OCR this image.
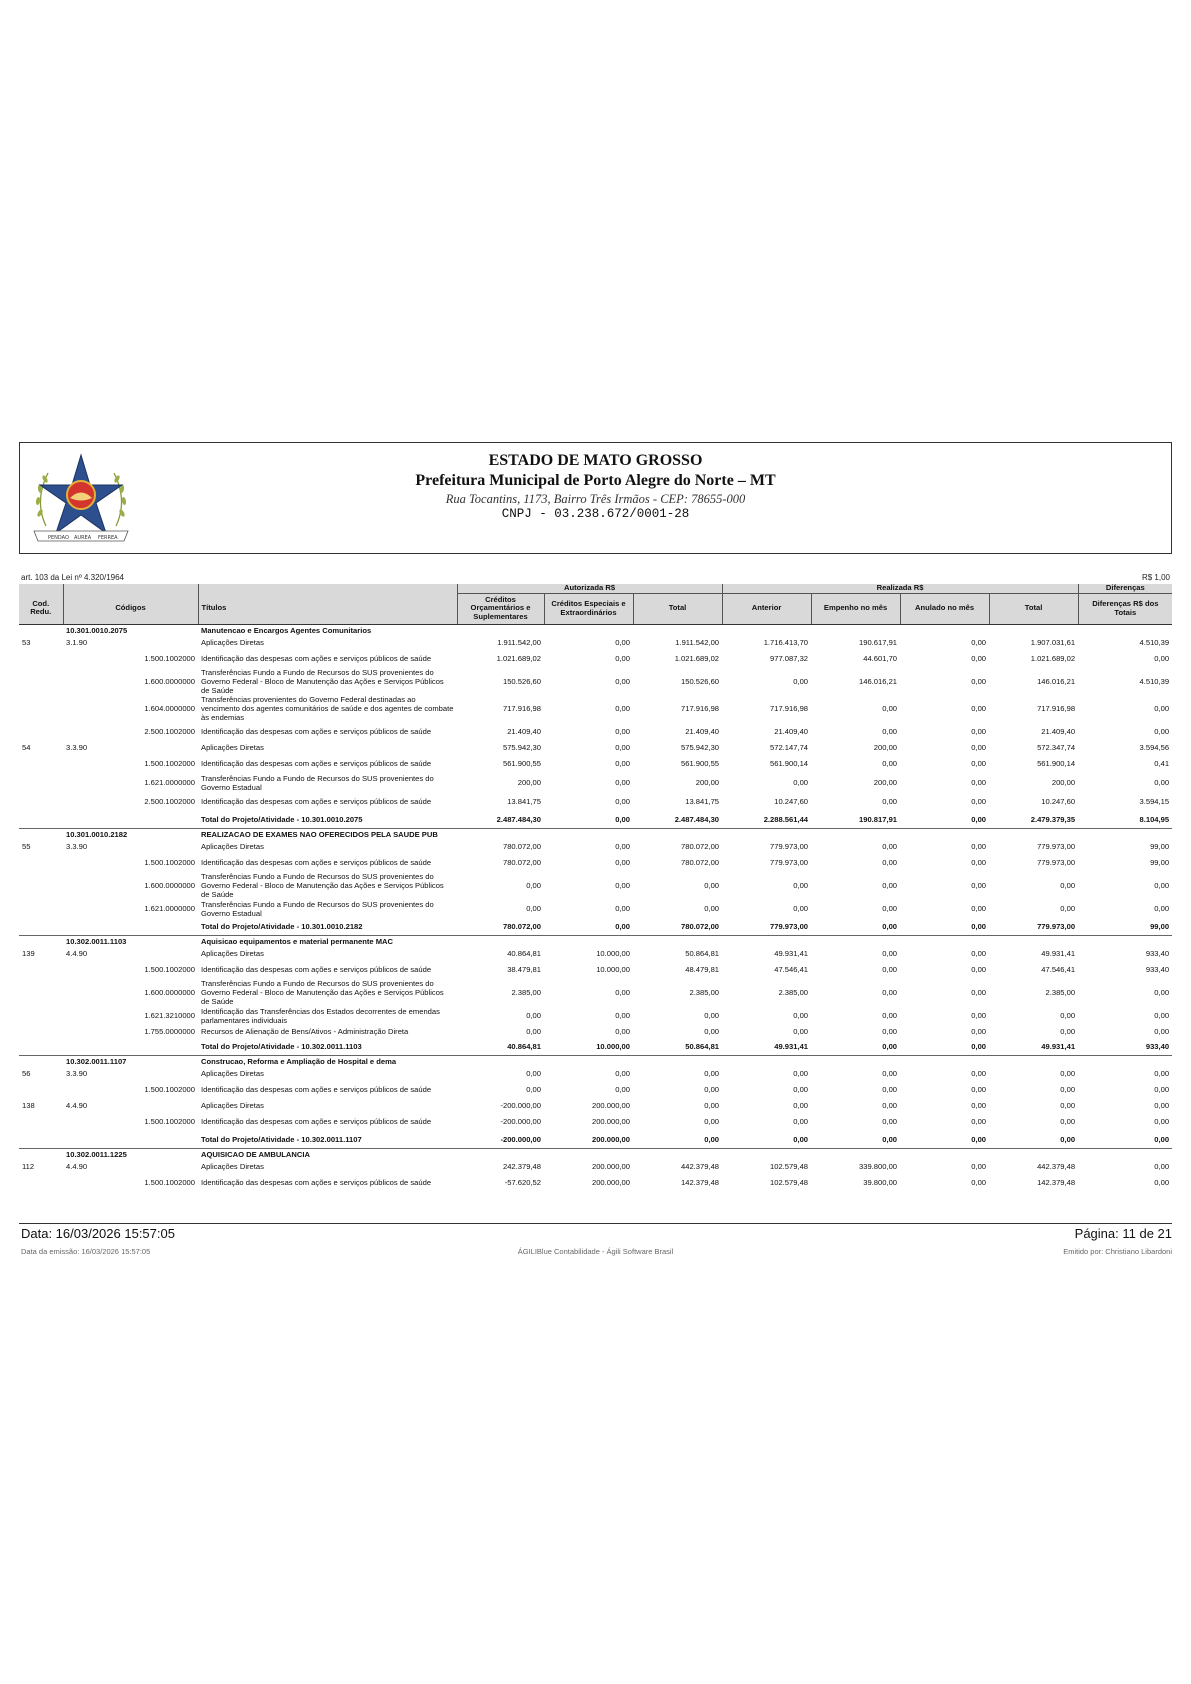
PENDAO AUREA FERREA
ESTADO DE MATO GROSSO
Prefeitura Municipal de Porto Alegre do Norte – MT
Rua Tocantins, 1173, Bairro Três Irmãos - CEP: 78655-000
CNPJ - 03.238.672/0001-28
art. 103 da Lei nº 4.320/1964	R$ 1,00
			Autorizada R$			Realizada R$				Diferenças
Cod. Redu.	Códigos	Títulos	Créditos Orçamentários e Suplementares	Créditos Especiais e Extraordinários	Total	Anterior	Empenho no mês	Anulado no mês	Total	Diferenças R$ dos Totais
	10.301.0010.2075	Manutencao e Encargos Agentes Comunitarios								
53	3.1.90	Aplicações Diretas	1.911.542,00	0,00	1.911.542,00	1.716.413,70	190.617,91	0,00	1.907.031,61	4.510,39
	1.500.1002000	Identificação das despesas com ações e serviços públicos de saúde	1.021.689,02	0,00	1.021.689,02	977.087,32	44.601,70	0,00	1.021.689,02	0,00
	1.600.0000000	Transferências Fundo a Fundo de Recursos do SUS provenientes do Governo Federal - Bloco de Manutenção das Ações e Serviços Públicos de Saúde	150.526,60	0,00	150.526,60	0,00	146.016,21	0,00	146.016,21	4.510,39
	1.604.0000000	Transferências provenientes do Governo Federal destinadas ao vencimento dos agentes comunitários de saúde e dos agentes de combate às endemias	717.916,98	0,00	717.916,98	717.916,98	0,00	0,00	717.916,98	0,00
	2.500.1002000	Identificação das despesas com ações e serviços públicos de saúde	21.409,40	0,00	21.409,40	21.409,40	0,00	0,00	21.409,40	0,00
54	3.3.90	Aplicações Diretas	575.942,30	0,00	575.942,30	572.147,74	200,00	0,00	572.347,74	3.594,56
	1.500.1002000	Identificação das despesas com ações e serviços públicos de saúde	561.900,55	0,00	561.900,55	561.900,14	0,00	0,00	561.900,14	0,41
	1.621.0000000	Transferências Fundo a Fundo de Recursos do SUS provenientes do Governo Estadual	200,00	0,00	200,00	0,00	200,00	0,00	200,00	0,00
	2.500.1002000	Identificação das despesas com ações e serviços públicos de saúde	13.841,75	0,00	13.841,75	10.247,60	0,00	0,00	10.247,60	3.594,15
		Total do Projeto/Atividade - 10.301.0010.2075	2.487.484,30	0,00	2.487.484,30	2.288.561,44	190.817,91	0,00	2.479.379,35	8.104,95
	10.301.0010.2182	REALIZACAO DE EXAMES NAO OFERECIDOS PELA SAUDE PUB								
55	3.3.90	Aplicações Diretas	780.072,00	0,00	780.072,00	779.973,00	0,00	0,00	779.973,00	99,00
	1.500.1002000	Identificação das despesas com ações e serviços públicos de saúde	780.072,00	0,00	780.072,00	779.973,00	0,00	0,00	779.973,00	99,00
	1.600.0000000	Transferências Fundo a Fundo de Recursos do SUS provenientes do Governo Federal - Bloco de Manutenção das Ações e Serviços Públicos de Saúde	0,00	0,00	0,00	0,00	0,00	0,00	0,00	0,00
	1.621.0000000	Transferências Fundo a Fundo de Recursos do SUS provenientes do Governo Estadual	0,00	0,00	0,00	0,00	0,00	0,00	0,00	0,00
		Total do Projeto/Atividade - 10.301.0010.2182	780.072,00	0,00	780.072,00	779.973,00	0,00	0,00	779.973,00	99,00
	10.302.0011.1103	Aquisicao equipamentos e material permanente MAC								
139	4.4.90	Aplicações Diretas	40.864,81	10.000,00	50.864,81	49.931,41	0,00	0,00	49.931,41	933,40
	1.500.1002000	Identificação das despesas com ações e serviços públicos de saúde	38.479,81	10.000,00	48.479,81	47.546,41	0,00	0,00	47.546,41	933,40
	1.600.0000000	Transferências Fundo a Fundo de Recursos do SUS provenientes do Governo Federal - Bloco de Manutenção das Ações e Serviços Públicos de Saúde	2.385,00	0,00	2.385,00	2.385,00	0,00	0,00	2.385,00	0,00
	1.621.3210000	Identificação das Transferências dos Estados decorrentes de emendas parlamentares individuais	0,00	0,00	0,00	0,00	0,00	0,00	0,00	0,00
	1.755.0000000	Recursos de Alienação de Bens/Ativos - Administração Direta	0,00	0,00	0,00	0,00	0,00	0,00	0,00	0,00
		Total do Projeto/Atividade - 10.302.0011.1103	40.864,81	10.000,00	50.864,81	49.931,41	0,00	0,00	49.931,41	933,40
	10.302.0011.1107	Construcao, Reforma e Ampliação de Hospital e dema								
56	3.3.90	Aplicações Diretas	0,00	0,00	0,00	0,00	0,00	0,00	0,00	0,00
	1.500.1002000	Identificação das despesas com ações e serviços públicos de saúde	0,00	0,00	0,00	0,00	0,00	0,00	0,00	0,00
138	4.4.90	Aplicações Diretas	-200.000,00	200.000,00	0,00	0,00	0,00	0,00	0,00	0,00
	1.500.1002000	Identificação das despesas com ações e serviços públicos de saúde	-200.000,00	200.000,00	0,00	0,00	0,00	0,00	0,00	0,00
		Total do Projeto/Atividade - 10.302.0011.1107	-200.000,00	200.000,00	0,00	0,00	0,00	0,00	0,00	0,00
	10.302.0011.1225	AQUISICAO DE AMBULANCIA								
112	4.4.90	Aplicações Diretas	242.379,48	200.000,00	442.379,48	102.579,48	339.800,00	0,00	442.379,48	0,00
	1.500.1002000	Identificação das despesas com ações e serviços públicos de saúde	-57.620,52	200.000,00	142.379,48	102.579,48	39.800,00	0,00	142.379,48	0,00
Data: 16/03/2026 15:57:05	Página: 11 de 21
Data da emissão: 16/03/2026 15:57:05	ÁGILIBlue Contabilidade - Ágili Software Brasil	Emitido por: Christiano Libardoni
